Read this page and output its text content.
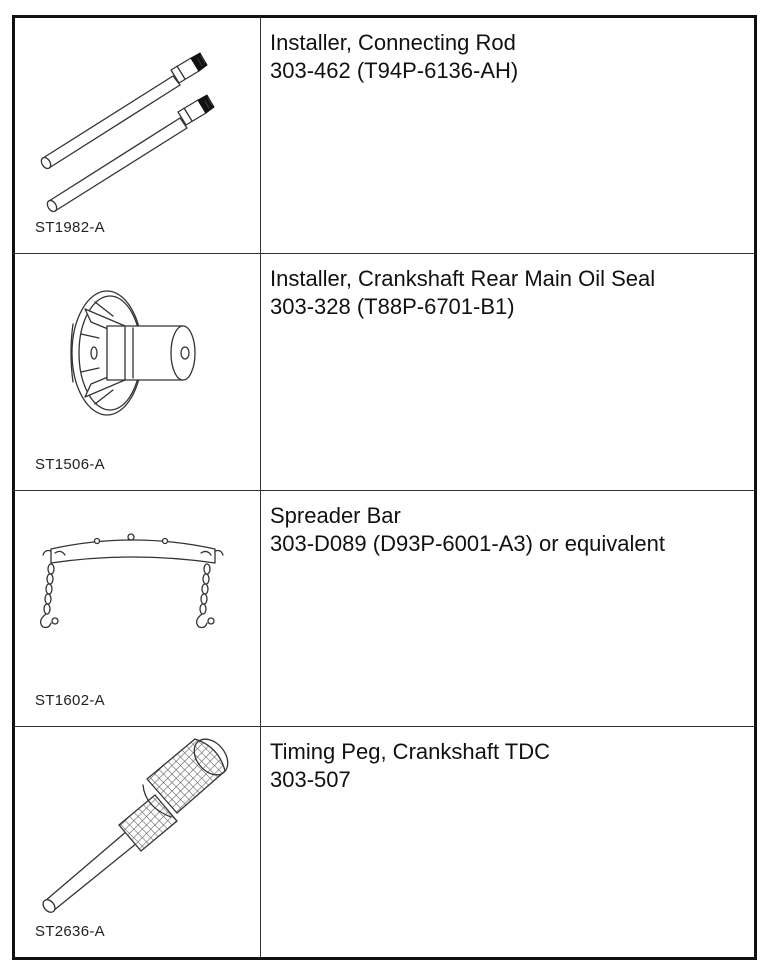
ST1982-A
Installer, Connecting Rod
303-462 (T94P-6136-AH)
ST1506-A
Installer, Crankshaft Rear Main Oil Seal
303-328 (T88P-6701-B1)
ST1602-A
Spreader Bar
303-D089 (D93P-6001-A3) or equivalent
ST2636-A
Timing Peg, Crankshaft TDC
303-507
